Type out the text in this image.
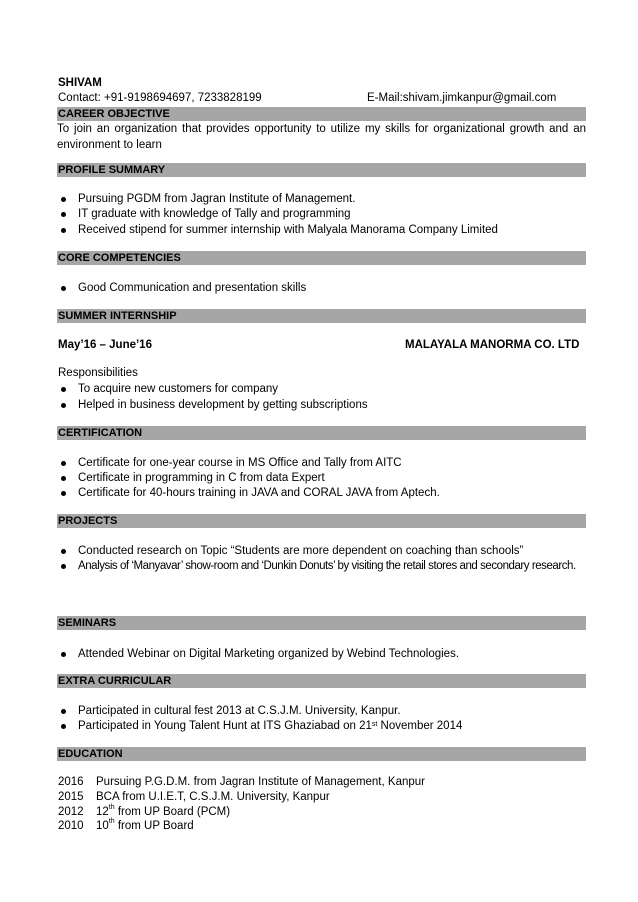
SHIVAM
Contact: +91-9198694697, 7233828199	E-Mail:shivam.jimkanpur@gmail.com
CAREER OBJECTIVE
To join an organization that provides opportunity to utilize my skills for organizational growth and an environment to learn
PROFILE SUMMARY
Pursuing PGDM from Jagran Institute of Management.
IT graduate with knowledge of Tally and programming
Received stipend for summer internship with Malyala Manorama Company Limited
CORE COMPETENCIES
Good Communication and presentation skills
SUMMER INTERNSHIP
May’16 – June’16	MALAYALA MANORMA CO. LTD
Responsibilities
To acquire new customers for company
Helped in business development by getting subscriptions
CERTIFICATION
Certificate for one-year course in MS Office and Tally from AITC
Certificate in programming in C from data Expert
Certificate for 40-hours training in JAVA and CORAL JAVA from Aptech.
PROJECTS
Conducted research on Topic “Students are more dependent on coaching than schools”
Analysis of ‘Manyavar’ show-room and ‘Dunkin Donuts’ by visiting the retail stores and secondary research.
SEMINARS
Attended Webinar on Digital Marketing organized by Webind Technologies.
EXTRA CURRICULAR
Participated in cultural fest 2013 at C.S.J.M. University, Kanpur.
Participated in Young Talent Hunt at ITS Ghaziabad on 21st November 2014
EDUCATION
2016 Pursuing P.G.D.M. from Jagran Institute of Management, Kanpur
2015 BCA from U.I.E.T, C.S.J.M. University, Kanpur
2012 12th from UP Board (PCM)
2010 10th from UP Board
